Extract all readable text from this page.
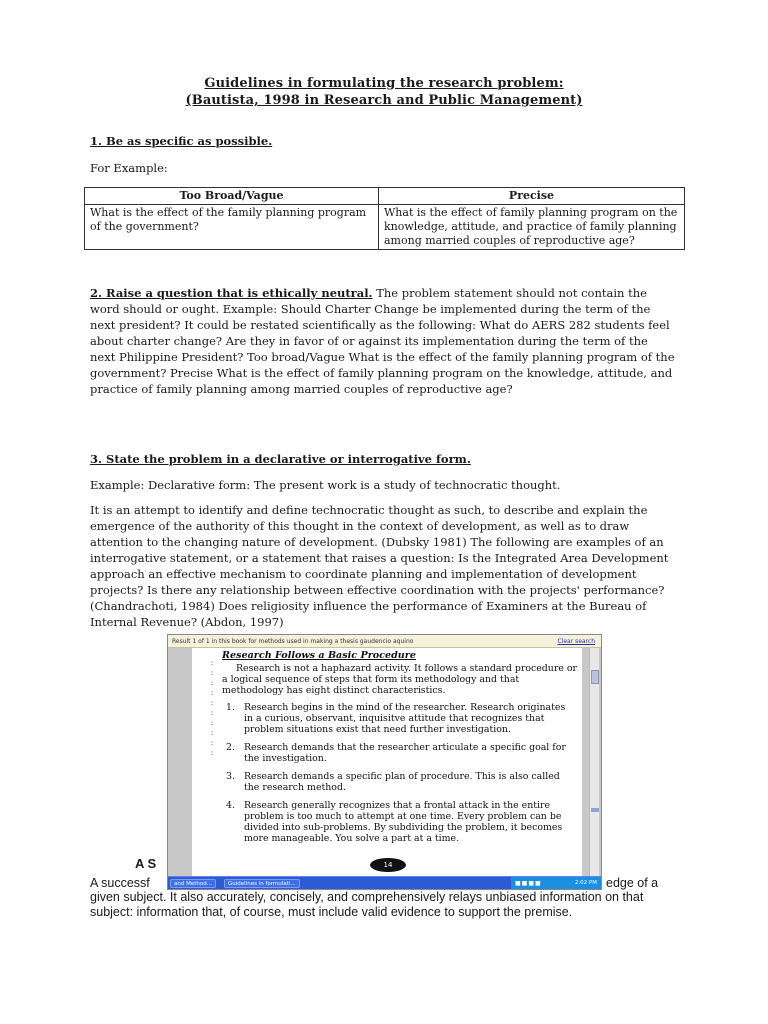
Guidelines in formulating the research problem:
(Bautista, 1998 in Research and Public Management)
1. Be as specific as possible.
For Example:
Too Broad/Vague	Precise
What is the effect of the family planning program of the government?	What is the effect of family planning program on the knowledge, attitude, and practice of family planning among married couples of reproductive age?
2. Raise a question that is ethically neutral. The problem statement should not contain the word should or ought. Example: Should Charter Change be implemented during the term of the next president? It could be restated scientifically as the following: What do AERS 282 students feel about charter change? Are they in favor of or against its implementation during the term of the next Philippine President? Too broad/Vague What is the effect of the family planning program of the government? Precise What is the effect of family planning program on the knowledge, attitude, and practice of family planning among married couples of reproductive age?
3. State the problem in a declarative or interrogative form.
Example: Declarative form: The present work is a study of technocratic thought.
It is an attempt to identify and define technocratic thought as such, to describe and explain the emergence of the authority of this thought in the context of development, as well as to draw attention to the changing nature of development. (Dubsky 1981) The following are examples of an interrogative statement, or a statement that raises a question: Is the Integrated Area Development approach an effective mechanism to coordinate planning and implementation of development projects? Is there any relationship between effective coordination with the projects' performance? (Chandrachoti, 1984) Does religiosity influence the performance of Examiners at the Bureau of Internal Revenue? (Abdon, 1997)
A S
A successf	edge of a
given subject. It also accurately, concisely, and comprehensively relays unbiased information on that subject: information that, of course, must include valid evidence to support the premise.
Result 1 of 1 in this book for methods used in making a thesis gaudencio aquino	Clear search
:
:
:
:
:
:
:
:
:
:
Research Follows a Basic Procedure
Research is not a haphazard activity. It follows a standard procedure or a logical sequence of steps that form its methodology and that methodology has eight distinct characteristics.
1. Research begins in the mind of the researcher. Research originates in a curious, observant, inquisitve attitude that recognizes that problem situations exist that need further investigation.
2. Research demands that the researcher articulate a specific goal for the investigation.
3. Research demands a specific plan of procedure. This is also called the research method.
4. Research generally recognizes that a frontal attack in the entire problem is too much to attempt at one time. Every problem can be divided into sub-problems. By subdividing the problem, it becomes more manageable. You solve a part at a time.
14
and Method...	Guidelines in formulati...	■■■■	2:02 PM
